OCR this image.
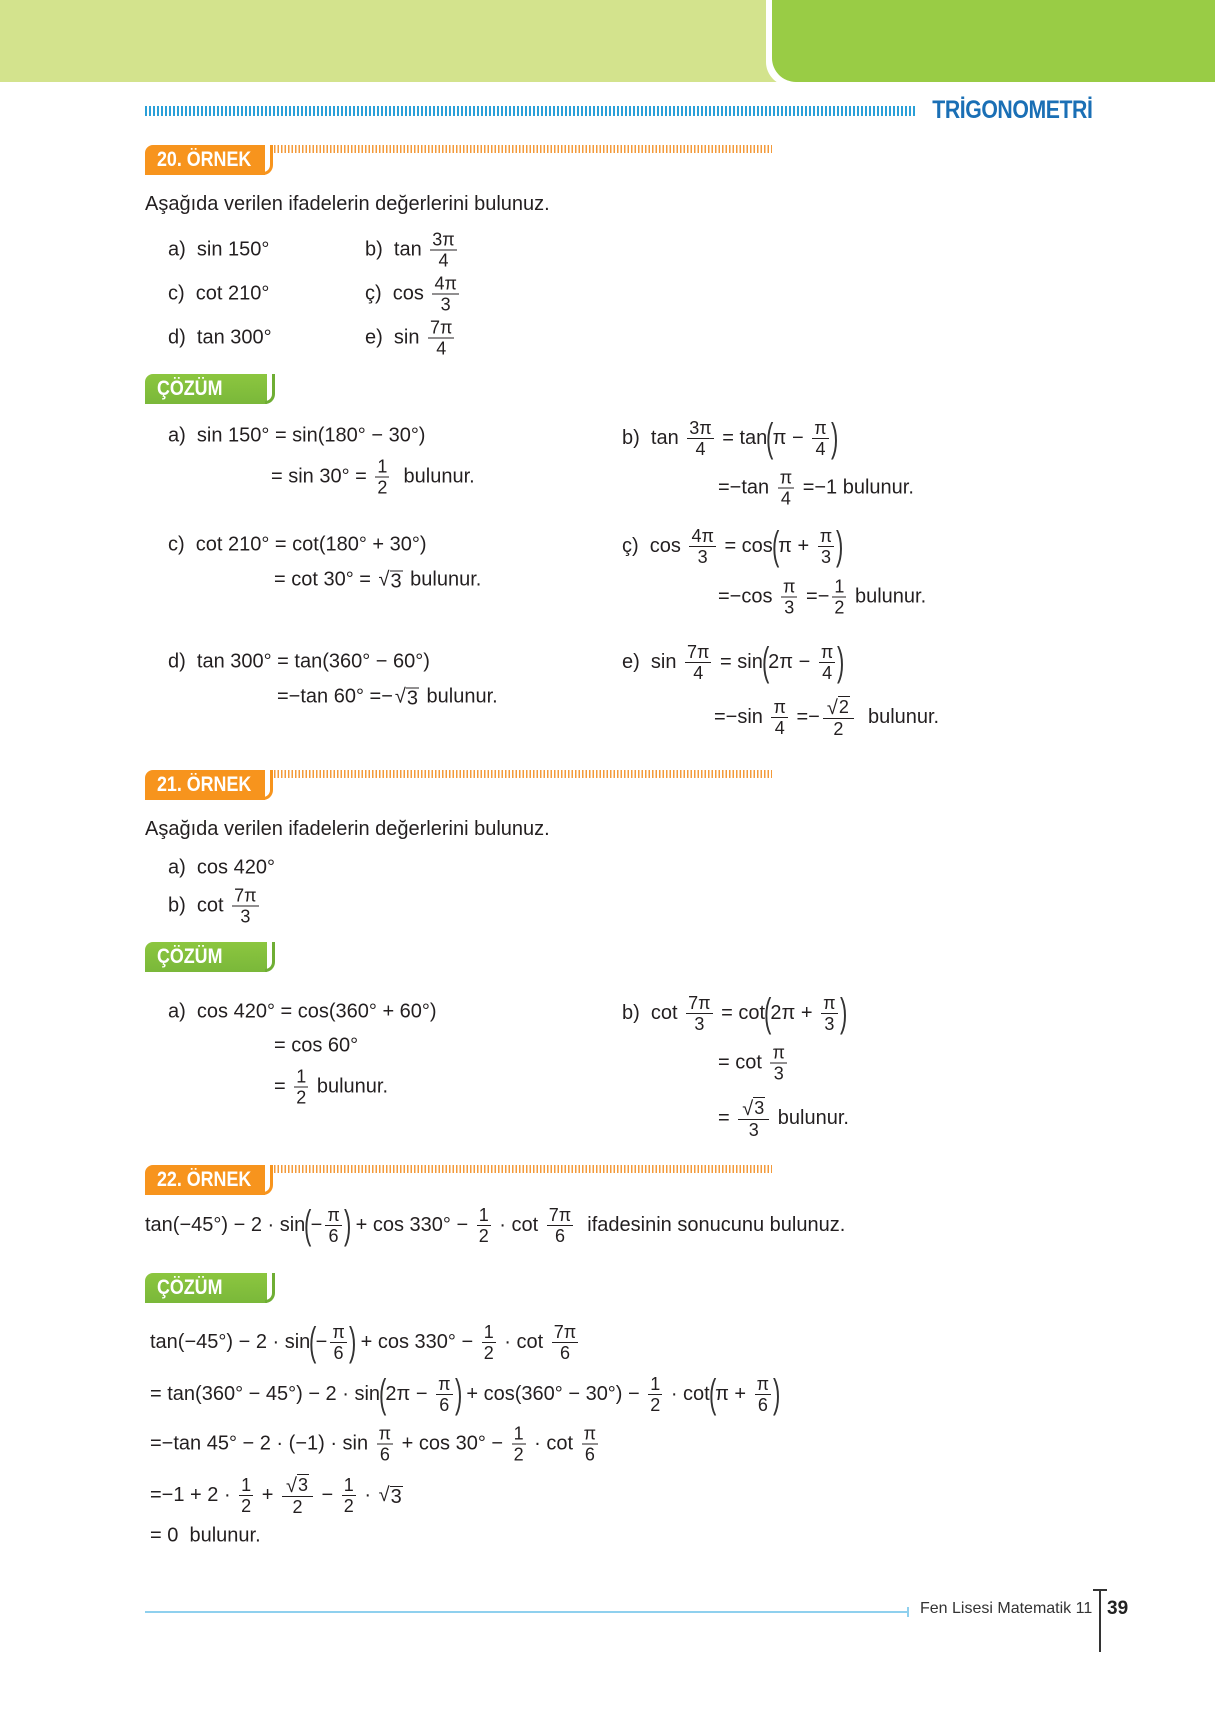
TRİGONOMETRİ
20. ÖRNEK
Aşağıda verilen ifadelerin değerlerini bulunuz.
a)  sin 150°	b)  $\tan \frac{3\pi}{4}$
c)  cot 210°	ç)  $\cos \frac{4\pi}{3}$
d)  tan 300°	e)  $\sin \frac{7\pi}{4}$
ÇÖZÜM
a)  sin 150° = sin(180° − 30°)
= $\sin 30^\circ = \frac{1}{2}$ bulunur.
b)  $\tan \frac{3\pi}{4} = \tan$
(
$\pi - \frac{\pi}{4}$ )
$=-\tan \frac{\pi}{4} =-1$ bulunur.
c)  cot 210° = cot(180° + 30°)
= cot 30° = √ 3 bulunur.
ç)  $\cos \frac{4\pi}{3} = \cos$
(
$\pi + \frac{\pi}{3}$ )
$=-\cos \frac{\pi}{3} =- \frac{1}{2}$ bulunur.
d)  tan 300° = tan(360° − 60°)
=−tan 60° =− √ 3 bulunur.
e)  $\sin \frac{7\pi}{4} = \sin$
(
$2\pi - \frac{\pi}{4}$ )
$=-\sin \frac{\pi}{4} =- \frac{√ 2}{2}$ bulunur.
21. ÖRNEK
Aşağıda verilen ifadelerin değerlerini bulunuz.
a)  cos 420°
b)  $\cot \frac{7\pi}{3}$
ÇÖZÜM
a)  cos 420° = cos(360° + 60°)
= cos 60°
= $\frac{1}{2}$ bulunur.
b)  $\cot \frac{7\pi}{3} = \cot$
(
$2\pi + \frac{\pi}{3}$ )
= $\cot \frac{\pi}{3}$
= $\frac{√ 3}{3}$ bulunur.
22. ÖRNEK
tan(−45°) − 2 · sin
(
− $\frac{\pi}{6}$ )
+ $\cos 330^\circ - \frac{1}{2} \cdot \cot \frac{7\pi}{6}$ ifadesinin sonucunu bulunuz.
ÇÖZÜM
tan(−45°) − 2 · sin
(
− $\frac{\pi}{6}$ )
+ $\cos 330^\circ - \frac{1}{2} \cdot \cot \frac{7\pi}{6}$
= tan(360° − 45°) − 2 · sin
(
$2\pi - \frac{\pi}{6}$ )
+ $\cos(360^\circ - 30^\circ) - \frac{1}{2} \cdot \cot$
(
$\pi + \frac{\pi}{6}$ )
=−tan $45^\circ - 2 \cdot (-1) \cdot \sin \frac{\pi}{6} + \cos 30^\circ - \frac{1}{2} \cdot \cot \frac{\pi}{6}$
$=-1 + 2 \cdot \frac{1}{2} + \frac{√ 3}{2} - \frac{1}{2}$ · √ 3
= 0  bulunur.
Fen Lisesi Matematik 11 39
